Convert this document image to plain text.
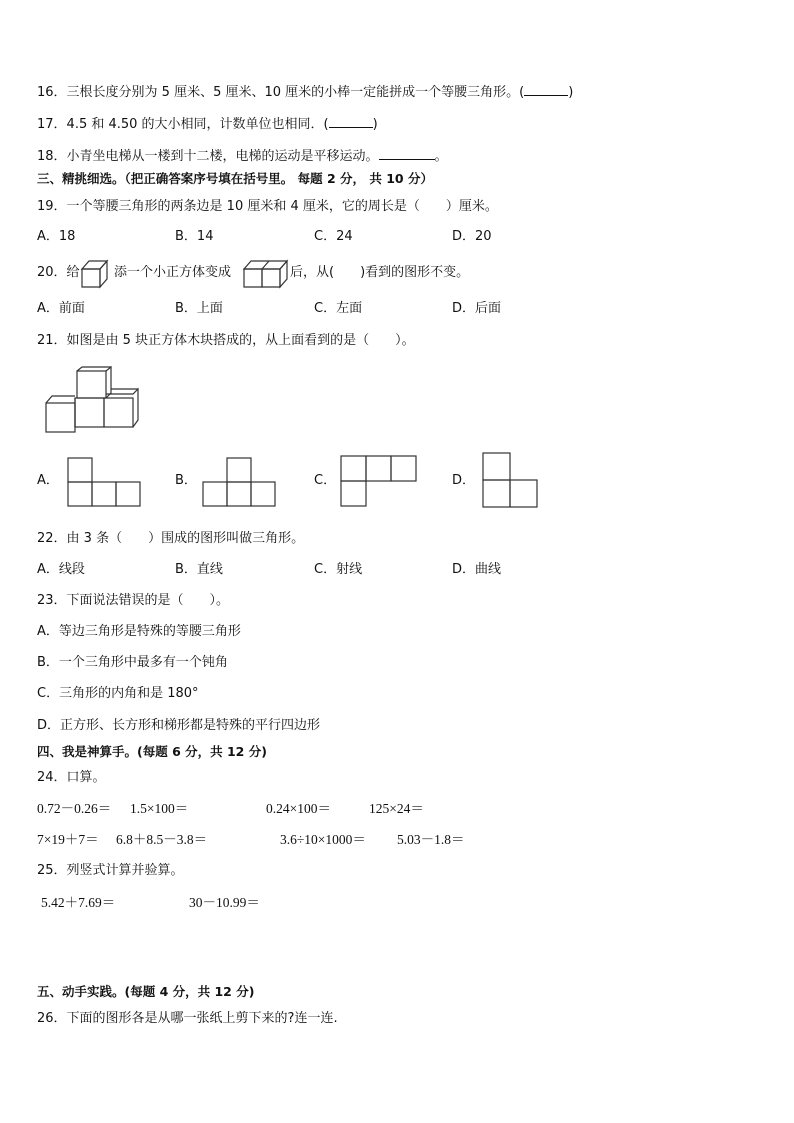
16．三根长度分别为 5 厘米、5 厘米、10 厘米的小棒一定能拼成一个等腰三角形。(	)
17．4.5 和 4.50 的大小相同，计数单位也相同．(	)
18．小青坐电梯从一楼到十二楼，电梯的运动是平移运动。	。
三、精挑细选。（把正确答案序号填在括号里。 每题 2 分， 共 10 分）
19．一个等腰三角形的两条边是 10 厘米和 4 厘米，它的周长是（　　）厘米。
A．18	B．14	C．24	D．20
20．给	添一个小正方体变成	后，从(　　)看到的图形不变。
A．前面	B．上面	C．左面	D．后面
21．如图是由 5 块正方体木块搭成的，从上面看到的是（　　）。
A．	B．	C．	D．
22．由 3 条（　　）围成的图形叫做三角形。
A．线段	B．直线	C．射线	D．曲线
23．下面说法错误的是（　　）。
A．等边三角形是特殊的等腰三角形
B．一个三角形中最多有一个钝角
C．三角形的内角和是 180°
D．正方形、长方形和梯形都是特殊的平行四边形
四、我是神算手。(每题 6 分，共 12 分)
24．口算。
0.72－0.26＝ 1.5×100＝	0.24×100＝	125×24＝
7×19＋7＝ 6.8＋8.5－3.8＝	3.6÷10×1000＝ 5.03－1.8＝
25．列竖式计算并验算。
5.42＋7.69＝	30－10.99＝
五、动手实践。(每题 4 分，共 12 分)
26．下面的图形各是从哪一张纸上剪下来的?连一连.
